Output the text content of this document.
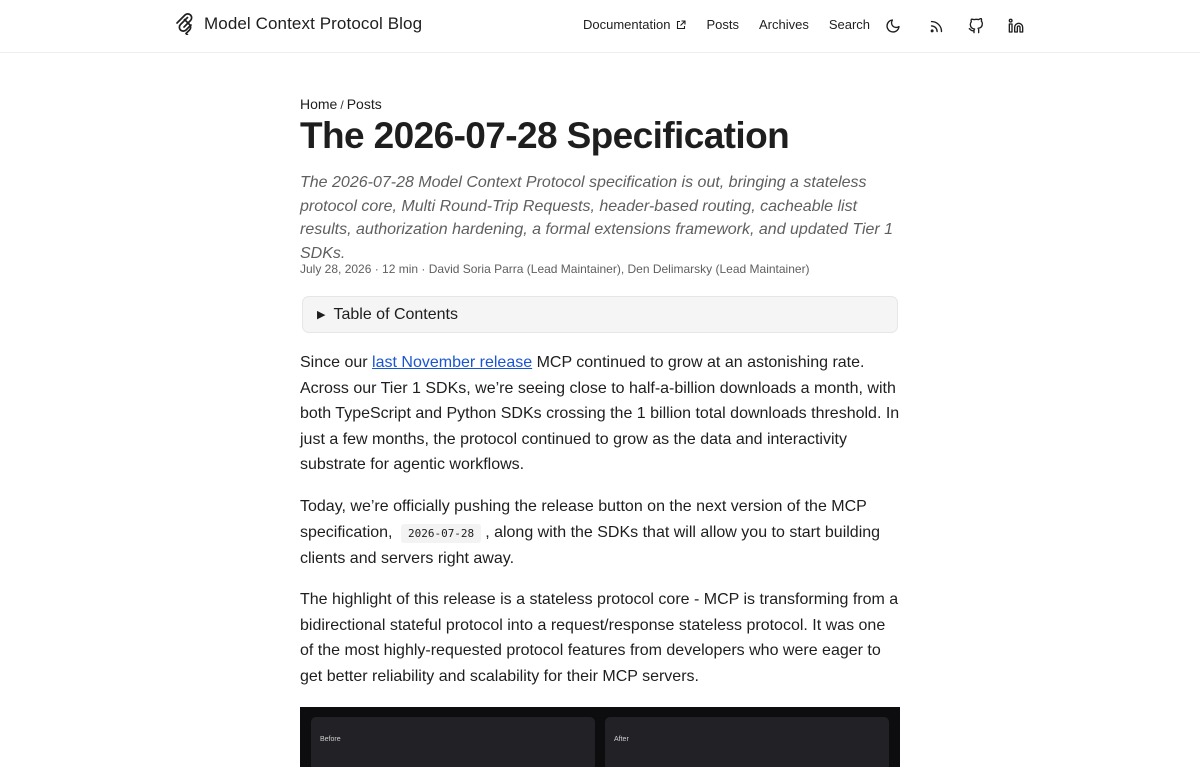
Model Context Protocol Blog	Documentation	Posts Archives Search
Home / Posts
The 2026-07-28 Specification

The 2026-07-28 Model Context Protocol specification is out, bringing a stateless protocol core, Multi Round-Trip Requests, header-based routing, cacheable list results, authorization hardening, a formal extensions framework, and updated Tier 1 SDKs.

July 28, 2026 · 12 min · David Soria Parra (Lead Maintainer), Den Delimarsky (Lead Maintainer)
▶ Table of Contents

Since our last November release MCP continued to grow at an astonishing rate. Across our Tier 1 SDKs, we’re seeing close to half-a-billion downloads a month, with both TypeScript and Python SDKs crossing the 1 billion total downloads threshold. In just a few months, the protocol continued to grow as the data and interactivity substrate for agentic workflows.

Today, we’re officially pushing the release button on the next version of the MCP specification, 2026-07-28 , along with the SDKs that will allow you to start building clients and servers right away.

The highlight of this release is a stateless protocol core - MCP is transforming from a bidirectional stateful protocol into a request/response stateless protocol. It was one of the most highly-requested protocol features from developers who were eager to get better reliability and scalability for their MCP servers.

Before	After
